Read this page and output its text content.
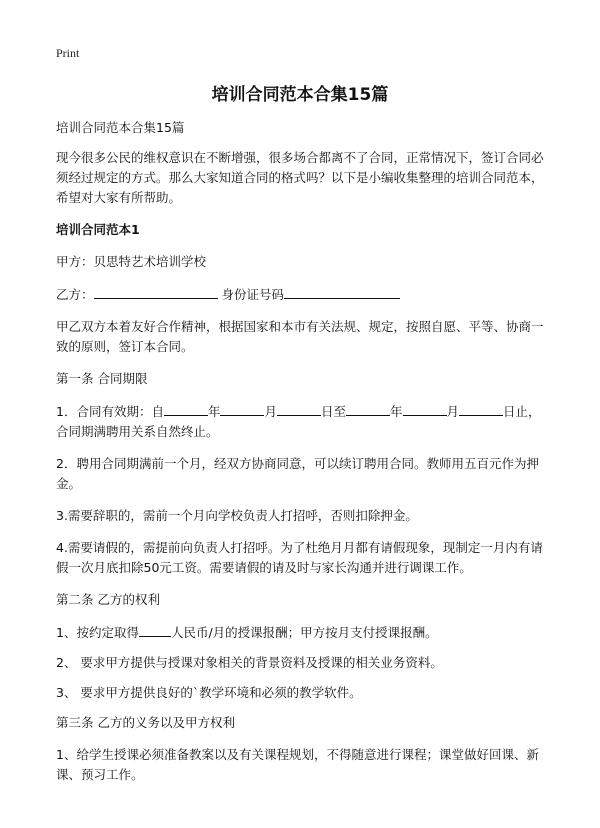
Print
培训合同范本合集15篇

培训合同范本合集15篇

现今很多公民的维权意识在不断增强，很多场合都离不了合同，正常情况下，签订合同必须经过规定的方式。那么大家知道合同的格式吗？以下是小编收集整理的培训合同范本，希望对大家有所帮助。

培训合同范本1

甲方：贝思特艺术培训学校

乙方：	身份证号码

甲乙双方本着友好合作精神，根据国家和本市有关法规、规定，按照自愿、平等、协商一致的原则，签订本合同。

第一条 合同期限

1．合同有效期：自	年	月	日至	年	月	日止，合同期满聘用关系自然终止。

2．聘用合同期满前一个月，经双方协商同意，可以续订聘用合同。教师用五百元作为押金。

3.需要辞职的，需前一个月向学校负责人打招呼，否则扣除押金。

4.需要请假的，需提前向负责人打招呼。为了杜绝月月都有请假现象，现制定一月内有请假一次月底扣除50元工资。需要请假的请及时与家长沟通并进行调课工作。

第二条 乙方的权利

1、按约定取得	人民币/月的授课报酬；甲方按月支付授课报酬。

2、 要求甲方提供与授课对象相关的背景资料及授课的相关业务资料。

3、 要求甲方提供良好的`教学环境和必须的教学软件。

第三条 乙方的义务以及甲方权利

1、给学生授课必须准备教案以及有关课程规划，不得随意进行课程；课堂做好回课、新课、预习工作。
